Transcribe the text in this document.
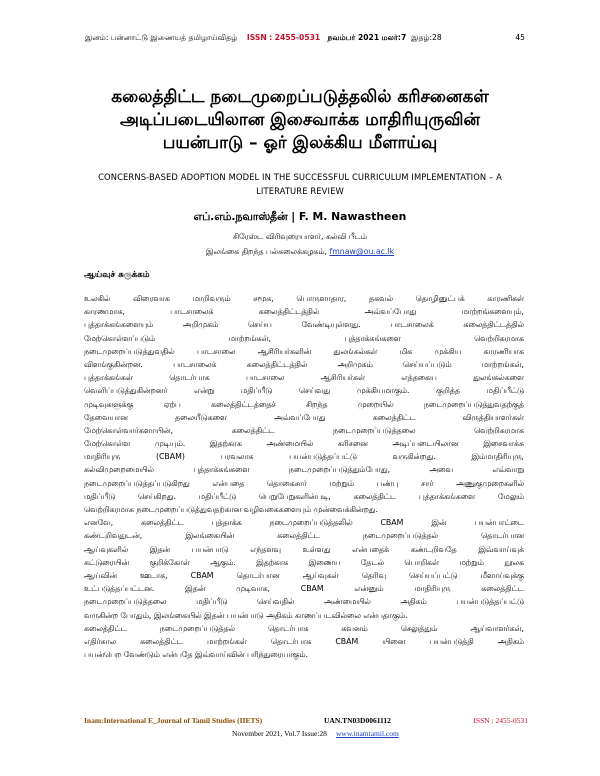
இனம்: பன்னாட்டு இணையத் தமிழாய்விதழ் ISSN : 2455-0531 நவம்பர் 2021 மலர்:7 இதழ்:28	45
கலைத்திட்ட நடைமுறைப்படுத்தலில் கரிசனைகள்
அடிப்படையிலான இசைவாக்க மாதிரியுருவின்
பயன்பாடு – ஓர் இலக்கிய மீளாய்வு
CONCERNS-BASED ADOPTION MODEL IN THE SUCCESSFUL CURRICULUM IMPLEMENTATION – A
LITERATURE REVIEW
எப்.எம்.நவாஸ்தீன் | F. M. Nawastheen
சிரேஸ்ட விரிவுரையாளர், கல்வி பீடம்
இலங்கை திறந்த பல்கலைக்கழகம், fmnaw@ou.ac.lk
ஆய்வுச் சுருக்கம்
உலகில் விரைவாக மாறிவரும் சமூக, பொருளாதார, தகவல் தொழினுட்பக் காரணிகள்
காரணமாக, பாடசாலைக் கலைத்திட்டத்தில் அவ்வப்போது மாற்றங்களையும்,
புத்தாக்கங்களையும் அறிமுகம் செய்ய வேண்டியுள்ளது. பாடசாலைக் கலைத்திட்டத்தில்
மேற்கொள்ளப்படும் மாற்றங்கள், புத்தாக்கங்களை வெற்றிகரமாக
நடைமுறைப்படுத்துவதில் பாடசாலை ஆசிரியர்களின் துலங்கல்கள் மிக முக்கிய காரணியாக
விளங்குகின்றன. பாடசாலைக் கலைத்திட்டத்தில் அறிமுகம் செய்யப்படும் மாற்றங்கள்,
புத்தாக்கங்கள் தொடர்பாக பாடசாலை ஆசிரியர்கள் எத்தகைய துலங்கல்களை
வெளிப்படுத்துகின்றனர் என்று மதிப்பீடு செய்வது முக்கியமாகும். குறித்த மதிப்பீட்டு
முடிவுகளுக்கு ஏற்ப கலைத்திட்டத்தைச் சிறந்த முறையில் நடைமுறைப்படுத்துவதற்குத்
தேவையான தலையீடுகளை அவ்வப்போது கலைத்திட்ட விருத்தியாளர்கள்
மேற்கொள்வார்களாயின், கலைத்திட்ட நடைமுறைப்படுத்தலை வெற்றிகரமாக
மேற்கொள்ள முடியும். இதற்காக அண்மையில் கரிசனை அடிப்படையிலான இசைவாக்க
மாதிரியுரு (CBAM) பரவலாக பயன்படுத்தப்பட்டு வருகின்றது. இம்மாதிரியுரு,
கல்விமுறைமையில் புத்தாக்கங்களை நடைமுறைப்படுத்தும்போது, அவை எவ்வாறு
நடைமுறைப்படுத்தப்படுகிறது என்பதை தொகைசார் மற்றும் பண்பு சார் அணுகுமுறைகளில்
மதிப்பீடு செய்கிறது. மதிப்பீட்டு பெறுபேறுகளின்படி, கலைத்திட்ட புத்தாக்கங்களை மேலும்
வெற்றிகரமாக நடைமுறைப்படுத்துவதற்கான வழிவகைகளையும் முன்வைக்கின்றது.
எனவே, கலைத்திட்ட புத்தாக்க நடைமுறைப்படுத்தலில் CBAM இன் பயன்பாட்டை
கண்டறிவதுடன், இலங்கையின் கலைத்திட்ட நடைமுறைப்படுத்தல் தொடர்பான
ஆய்வுகளில் இதன் பயன்பாடு எந்தளவு உள்ளது என்பதைக் கண்டறிவதே இவ்வாய்வுக்
கட்டுரையின் குறிக்கோள் ஆகும். இதற்காக இணைய தேடல் பொறிகள் மற்றும் நூலக
ஆய்வின் ஊடாக, CBAM தொடர்பான ஆய்வுகள் தெரிவு செய்யப்பட்டு மீளாய்வுக்கு
உட்படுத்தப்பட்டன. இதன் முடிவாக, CBAM என்னும் மாதிரியுரு கலைத்திட்ட
நடைமுறைப்படுத்தலை மதிப்பீடு செய்வதில் அண்மையில் அதிகம் பயன்படுத்தப்பட்டு
வருகின்ற போதும், இலங்கையில் இதன் பயன்பாடு அதிகம் காணப்படவில்லை என்பதாகும்.
கலைத்திட்ட நடைமுறைப்படுத்தல் தொடர்பாக கவனம் செலுத்தும் ஆய்வாளர்கள்,
எதிர்கால கலைத்திட்ட மாற்றங்கள் தொடர்பாக CBAM யினை பயன்படுத்தி அதிகம்
பயன்பெற வேண்டும் என்பதே இவ்வாய்வின் பரிந்துரையாகும்.
Inam:International E_Journal of Tamil Studies (IIETS)	UAN.TN03D0061112	ISSN : 2455-0531
November 2021, Vol.7 Issue:28 www.inamtamil.com
